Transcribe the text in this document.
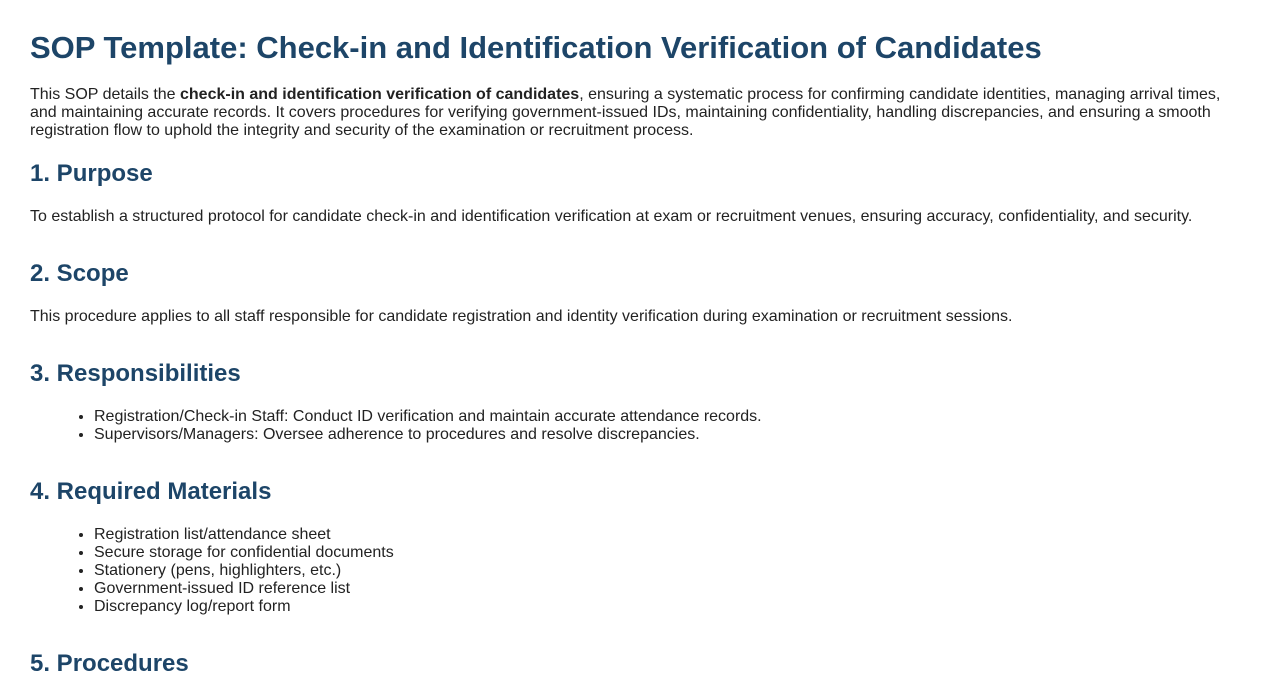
SOP Template: Check-in and Identification Verification of Candidates

This SOP details the check-in and identification verification of candidates, ensuring a systematic process for confirming candidate identities, managing arrival times, and maintaining accurate records. It covers procedures for verifying government-issued IDs, maintaining confidentiality, handling discrepancies, and ensuring a smooth registration flow to uphold the integrity and security of the examination or recruitment process.

1. Purpose

To establish a structured protocol for candidate check-in and identification verification at exam or recruitment venues, ensuring accuracy, confidentiality, and security.

2. Scope

This procedure applies to all staff responsible for candidate registration and identity verification during examination or recruitment sessions.

3. Responsibilities
• Registration/Check-in Staff: Conduct ID verification and maintain accurate attendance records.
• Supervisors/Managers: Oversee adherence to procedures and resolve discrepancies.
4. Required Materials
• Registration list/attendance sheet
• Secure storage for confidential documents
• Stationery (pens, highlighters, etc.)
• Government-issued ID reference list
• Discrepancy log/report form
5. Procedures
